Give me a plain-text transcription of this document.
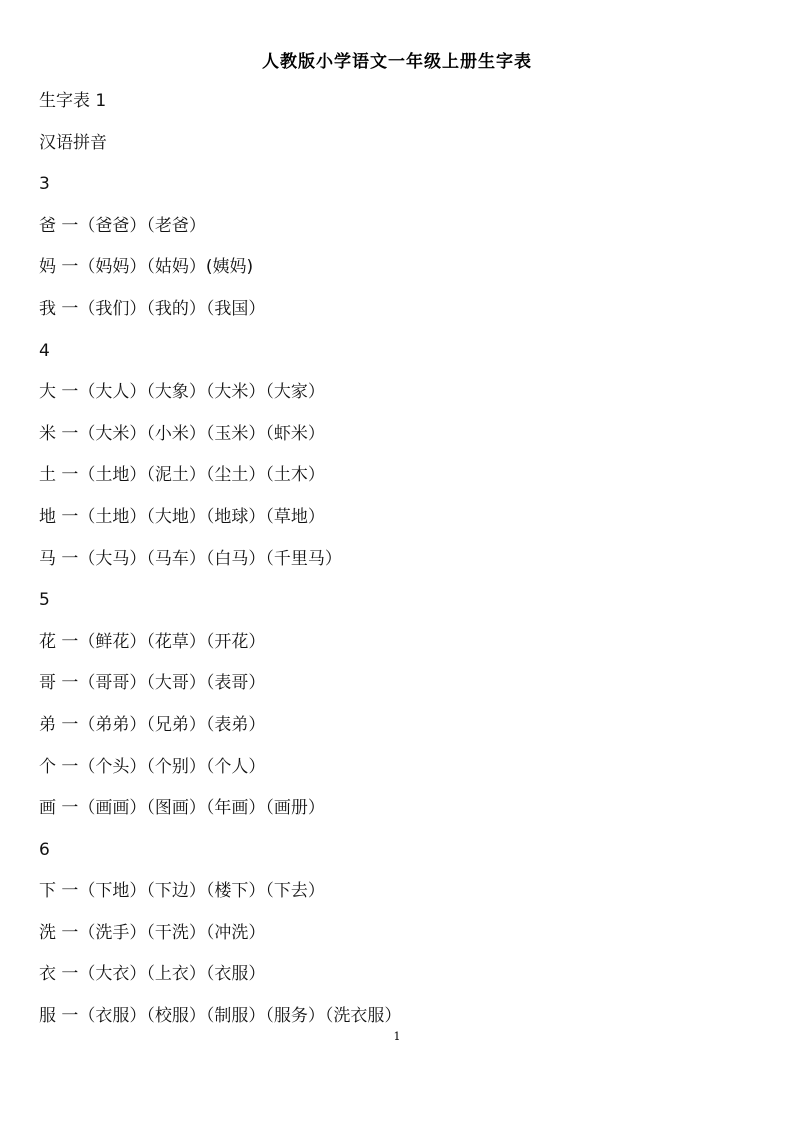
人教版小学语文一年级上册生字表
生字表 1
汉语拼音
3
爸 一（爸爸）（老爸）
妈 一（妈妈）（姑妈）(姨妈)
我 一（我们）（我的）（我国）
4
大 一（大人）（大象）（大米）（大家）
米 一（大米）（小米）（玉米）（虾米）
土 一（土地）（泥土）（尘土）（土木）
地 一（土地）（大地）（地球）（草地）
马 一（大马）（马车）（白马）（千里马）
5
花 一（鲜花）（花草）（开花）
哥 一（哥哥）（大哥）（表哥）
弟 一（弟弟）（兄弟）（表弟）
个 一（个头）（个别）（个人）
画 一（画画）（图画）（年画）（画册）
6
下 一（下地）（下边）（楼下）（下去）
洗 一（洗手）（干洗）（冲洗）
衣 一（大衣）（上衣）（衣服）
服 一（衣服）（校服）（制服）（服务）（洗衣服）
1
